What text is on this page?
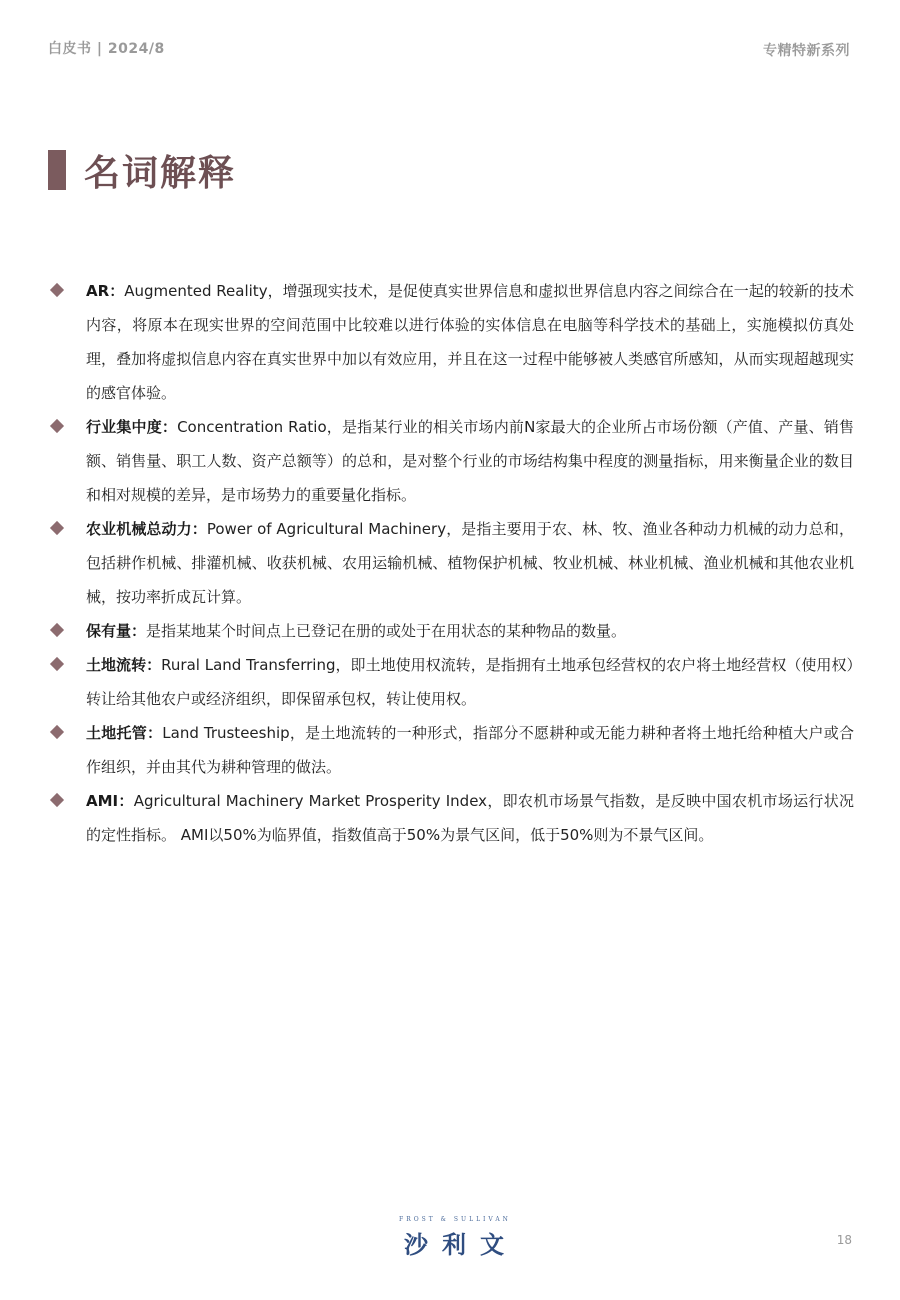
白皮书 | 2024/8	专精特新系列
名词解释
AR：Augmented Reality，增强现实技术，是促使真实世界信息和虚拟世界信息内容之间综合在一起的较新的技术内容，将原本在现实世界的空间范围中比较难以进行体验的实体信息在电脑等科学技术的基础上，实施模拟仿真处理，叠加将虚拟信息内容在真实世界中加以有效应用，并且在这一过程中能够被人类感官所感知，从而实现超越现实的感官体验。
行业集中度：Concentration Ratio，是指某行业的相关市场内前N家最大的企业所占市场份额（产值、产量、销售额、销售量、职工人数、资产总额等）的总和，是对整个行业的市场结构集中程度的测量指标，用来衡量企业的数目和相对规模的差异，是市场势力的重要量化指标。
农业机械总动力：Power of Agricultural Machinery，是指主要用于农、林、牧、渔业各种动力机械的动力总和，包括耕作机械、排灌机械、收获机械、农用运输机械、植物保护机械、牧业机械、林业机械、渔业机械和其他农业机械，按功率折成瓦计算。
保有量：是指某地某个时间点上已登记在册的或处于在用状态的某种物品的数量。
土地流转：Rural Land Transferring，即土地使用权流转，是指拥有土地承包经营权的农户将土地经营权（使用权）转让给其他农户或经济组织，即保留承包权，转让使用权。
土地托管：Land Trusteeship，是土地流转的一种形式，指部分不愿耕种或无能力耕种者将土地托给种植大户或合作组织，并由其代为耕种管理的做法。
AMI：Agricultural Machinery Market Prosperity Index，即农机市场景气指数，是反映中国农机市场运行状况的定性指标。 AMI以50%为临界值，指数值高于50%为景气区间，低于50%则为不景气区间。
FROST & SULLIVAN
沙利文	18
